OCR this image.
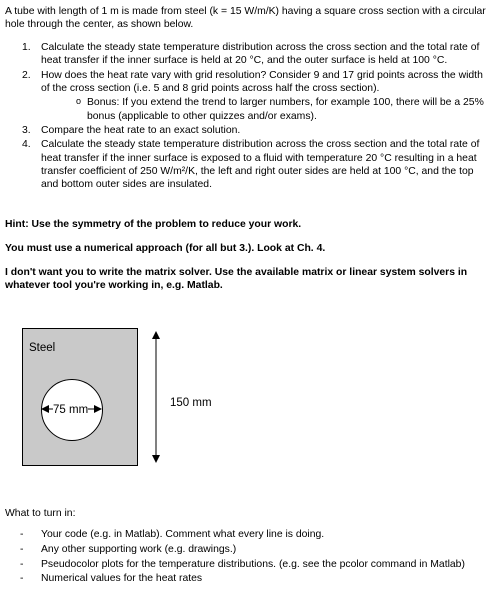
A tube with length of 1 m is made from steel (k = 15 W/m/K) having a square cross section with a circular hole through the center, as shown below.
1. Calculate the steady state temperature distribution across the cross section and the total rate of heat transfer if the inner surface is held at 20 °C, and the outer surface is held at 100 °C.
2. How does the heat rate vary with grid resolution? Consider 9 and 17 grid points across the width of the cross section (i.e. 5 and 8 grid points across half the cross section).
o Bonus: If you extend the trend to larger numbers, for example 100, there will be a 25% bonus (applicable to other quizzes and/or exams).
3. Compare the heat rate to an exact solution.
4. Calculate the steady state temperature distribution across the cross section and the total rate of heat transfer if the inner surface is exposed to a fluid with temperature 20 °C resulting in a heat transfer coefficient of 250 W/m²/K, the left and right outer sides are held at 100 °C, and the top and bottom outer sides are insulated.
Hint: Use the symmetry of the problem to reduce your work.
You must use a numerical approach (for all but 3.). Look at Ch. 4.
I don't want you to write the matrix solver. Use the available matrix or linear system solvers in whatever tool you're working in, e.g. Matlab.
Steel
75 mm
150 mm
What to turn in:
- Your code (e.g. in Matlab). Comment what every line is doing.
- Any other supporting work (e.g. drawings.)
- Pseudocolor plots for the temperature distributions. (e.g. see the pcolor command in Matlab)
- Numerical values for the heat rates
